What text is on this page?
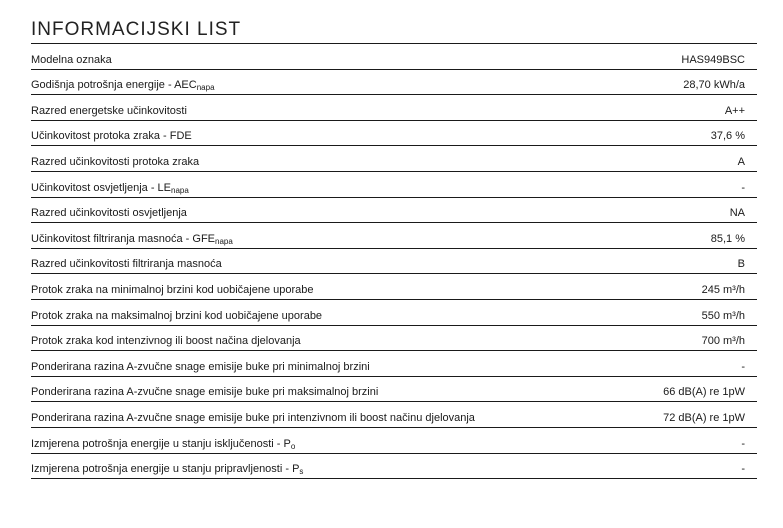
INFORMACIJSKI LIST
Modelna oznaka	HAS949BSC
Godišnja potrošnja energije - $AEC_{napa}$	28,70 kWh/a
Razred energetske učinkovitosti	A++
Učinkovitost protoka zraka - FDE	37,6 %
Razred učinkovitosti protoka zraka	A
Učinkovitost osvjetljenja - $LE_{napa}$	-
Razred učinkovitosti osvjetljenja	NA
Učinkovitost filtriranja masnoća - $GFE_{napa}$	85,1 %
Razred učinkovitosti filtriranja masnoća	B
Protok zraka na minimalnoj brzini kod uobičajene uporabe	245 m³/h
Protok zraka na maksimalnoj brzini kod uobičajene uporabe	550 m³/h
Protok zraka kod intenzivnog ili boost načina djelovanja	700 m³/h
Ponderirana razina A-zvučne snage emisije buke pri minimalnoj brzini	-
Ponderirana razina A-zvučne snage emisije buke pri maksimalnoj brzini	66 dB(A) re 1pW
Ponderirana razina A-zvučne snage emisije buke pri intenzivnom ili boost načinu djelovanja	72 dB(A) re 1pW
Izmjerena potrošnja energije u stanju isključenosti - $P_o$	-
Izmjerena potrošnja energije u stanju pripravljenosti - $P_s$	-
